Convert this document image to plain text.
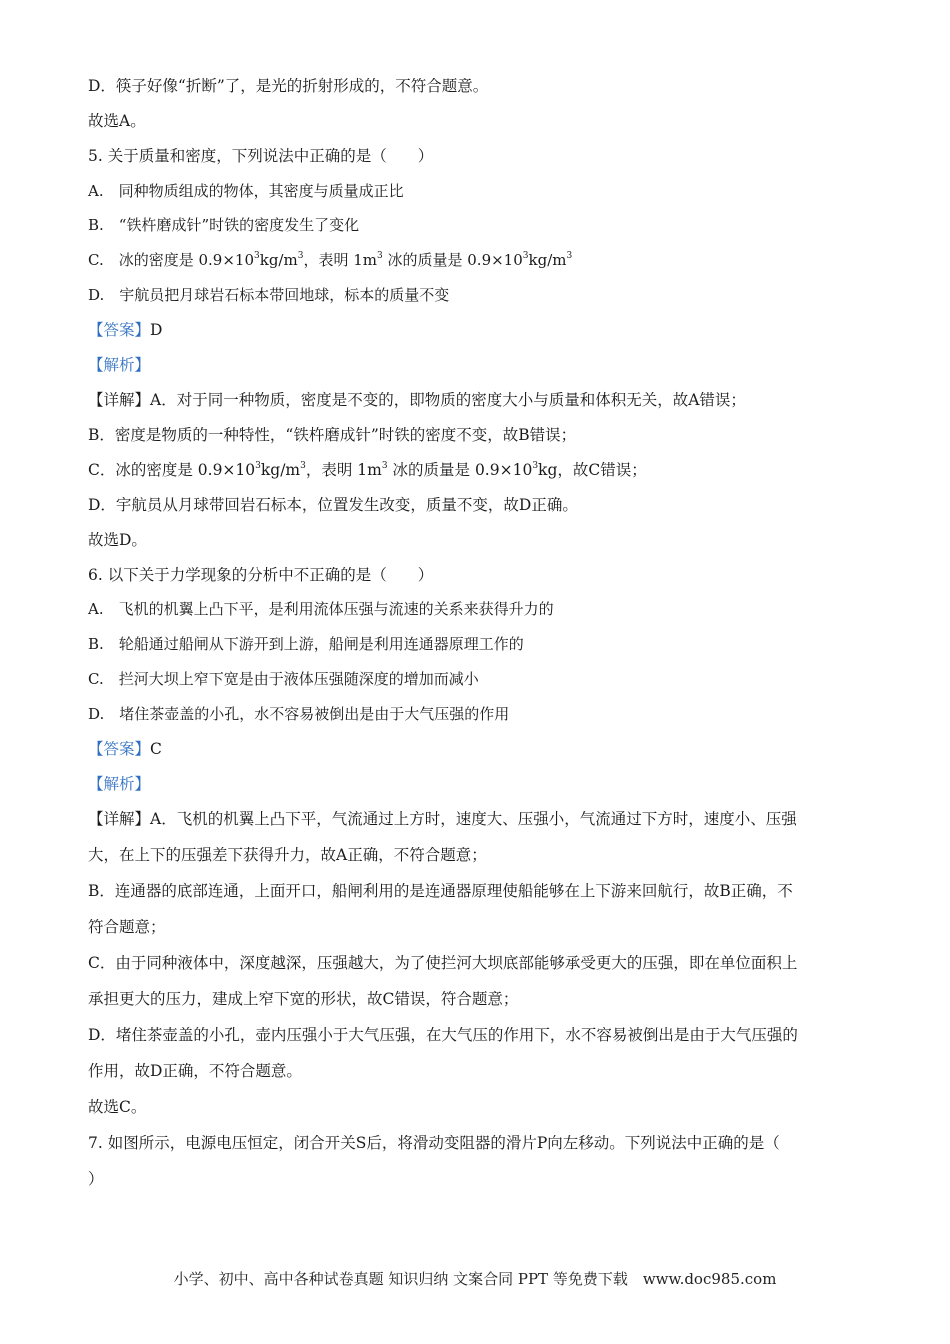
D．筷子好像“折断”了，是光的折射形成的，不符合题意。
故选A。
5. 关于质量和密度，下列说法中正确的是（　　）
A.　同种物质组成的物体，其密度与质量成正比
B.　“铁杵磨成针”时铁的密度发生了变化
C.　冰的密度是 $0.9\times 10^3kg/m^3$，表明 $1m^3$ 冰的质量是 $0.9\times 10^3kg/m^3$
D.　宇航员把月球岩石标本带回地球，标本的质量不变
【答案】D
【解析】
【详解】A．对于同一种物质，密度是不变的，即物质的密度大小与质量和体积无关，故A错误；
B．密度是物质的一种特性，“铁杵磨成针”时铁的密度不变，故B错误；
C．冰的密度是 $0.9\times 10^3kg/m^3$，表明 $1m^3$ 冰的质量是 $0.9\times 10^3kg$，故C错误；
D．宇航员从月球带回岩石标本，位置发生改变，质量不变，故D正确。
故选D。
6. 以下关于力学现象的分析中不正确的是（　　）
A.　飞机的机翼上凸下平，是利用流体压强与流速的关系来获得升力的
B.　轮船通过船闸从下游开到上游，船闸是利用连通器原理工作的
C.　拦河大坝上窄下宽是由于液体压强随深度的增加而减小
D.　堵住茶壶盖的小孔，水不容易被倒出是由于大气压强的作用
【答案】C
【解析】
【详解】A．飞机的机翼上凸下平，气流通过上方时，速度大、压强小，气流通过下方时，速度小、压强
大，在上下的压强差下获得升力，故A正确，不符合题意；
B．连通器的底部连通，上面开口，船闸利用的是连通器原理使船能够在上下游来回航行，故B正确，不
符合题意；
C．由于同种液体中，深度越深，压强越大，为了使拦河大坝底部能够承受更大的压强，即在单位面积上
承担更大的压力，建成上窄下宽的形状，故C错误，符合题意；
D．堵住茶壶盖的小孔，壶内压强小于大气压强，在大气压的作用下，水不容易被倒出是由于大气压强的
作用，故D正确，不符合题意。
故选C。
7. 如图所示，电源电压恒定，闭合开关S后，将滑动变阻器的滑片P向左移动。下列说法中正确的是（
）
小学、初中、高中各种试卷真题 知识归纳 文案合同 PPT 等免费下载　www.doc985.com
